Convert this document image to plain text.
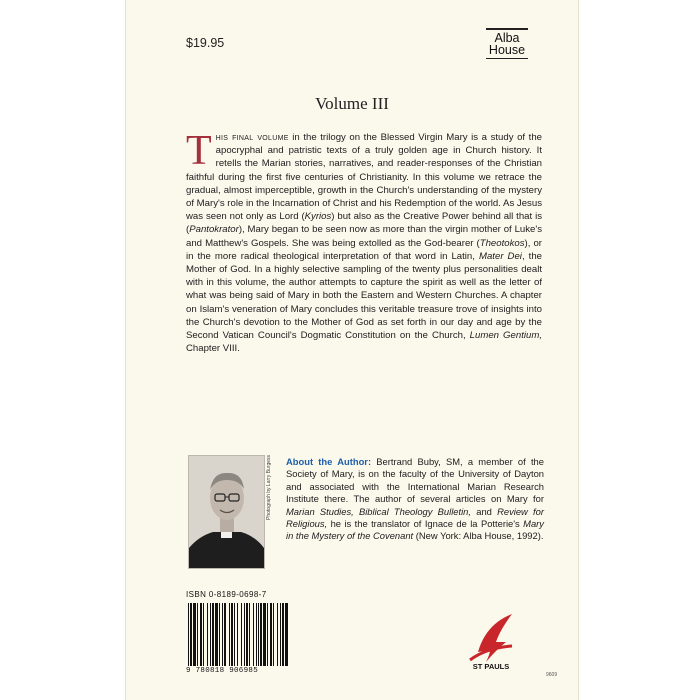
$19.95	Alba
House
Volume III
This final volume in the trilogy on the Blessed Virgin Mary is a study of the apocryphal and patristic texts of a truly golden age in Church history. It retells the Marian stories, narratives, and reader-responses of the Christian faithful during the first five centuries of Christianity. In this volume we retrace the gradual, almost imperceptible, growth in the Church's understanding of the mystery of Mary's role in the Incarnation of Christ and his Redemption of the world. As Jesus was seen not only as Lord (Kyrios) but also as the Creative Power behind all that is (Pantokrator), Mary began to be seen now as more than the virgin mother of Luke's and Matthew's Gospels. She was being extolled as the God-bearer (Theotokos), or in the more radical theological interpretation of that word in Latin, Mater Dei, the Mother of God. In a highly selective sampling of the twenty plus personalities dealt with in this volume, the author attempts to capture the spirit as well as the letter of what was being said of Mary in both the Eastern and Western Churches. A chapter on Islam's veneration of Mary concludes this veritable treasure trove of insights into the Church's devotion to the Mother of God as set forth in our day and age by the Second Vatican Council's Dogmatic Constitution on the Church, Lumen Gentium, Chapter VIII.
Photograph by Larry Burgess About the Author: Bertrand Buby, SM, a member of the Society of Mary, is on the faculty of the University of Dayton and associated with the International Marian Research Institute there. The author of several articles on Mary for Marian Studies, Biblical Theology Bulletin, and Review for Religious, he is the translator of Ignace de la Potterie's Mary in the Mystery of the Covenant (New York: Alba House, 1992).
ISBN 0-8189-0698-7
9 780818 906985	ST PAULS
9609
